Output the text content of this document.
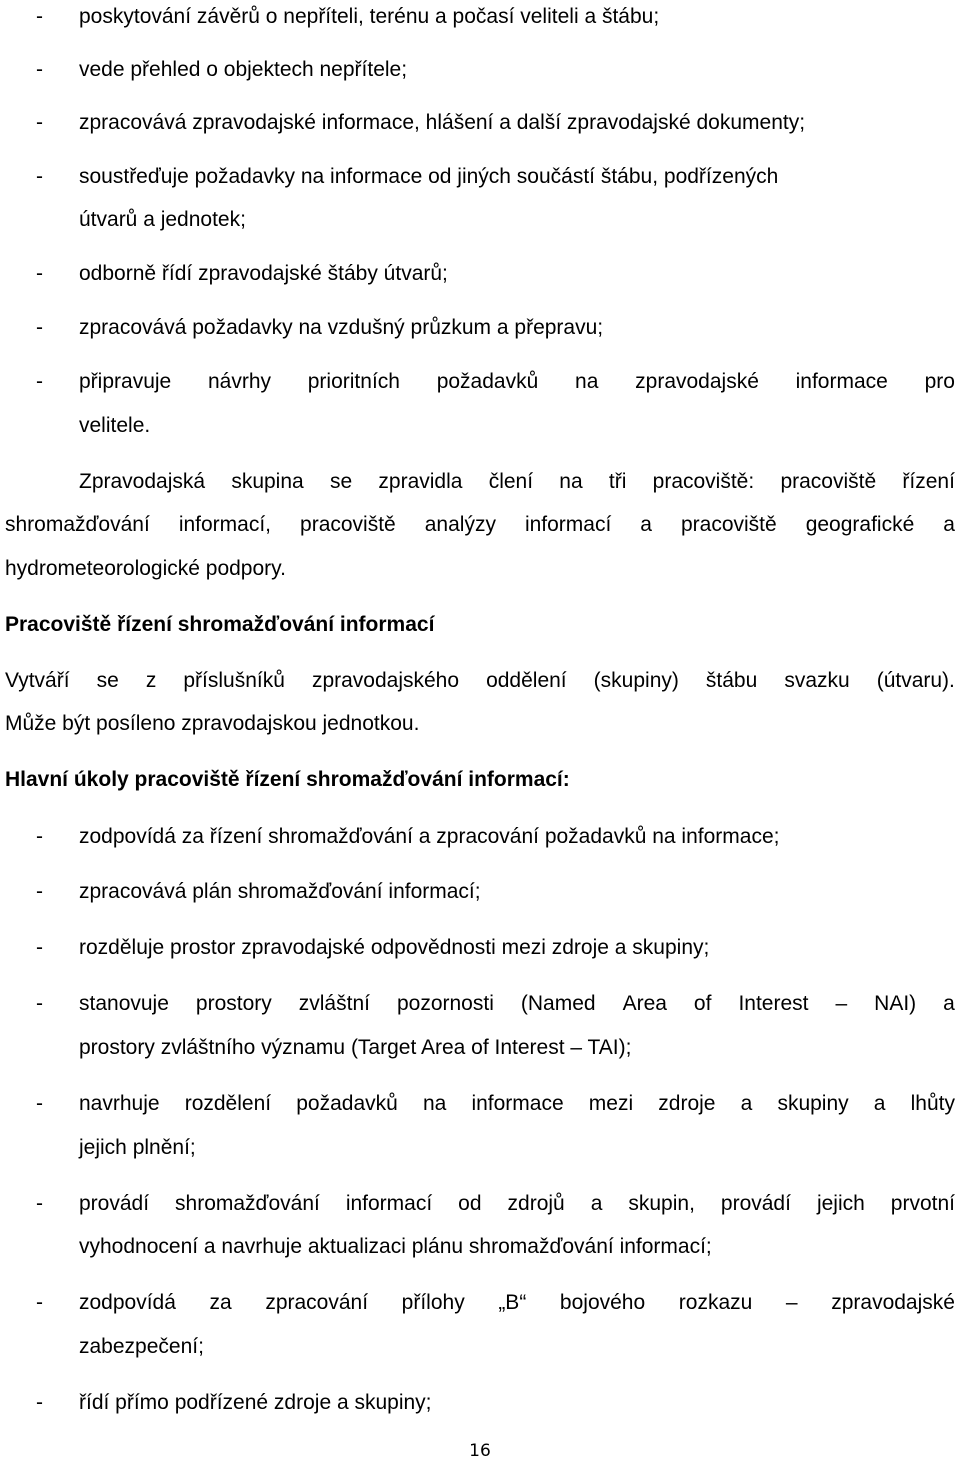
- poskytování závěrů o nepříteli, terénu a počasí veliteli a štábu;
- vede přehled o objektech nepřítele;
- zpracovává zpravodajské informace, hlášení a další zpravodajské dokumenty;
- soustřeďuje požadavky na informace od jiných součástí štábu, podřízených
útvarů a jednotek;
- odborně řídí zpravodajské štáby útvarů;
- zpracovává požadavky na vzdušný průzkum a přepravu;
- připravuje návrhy prioritních požadavků na zpravodajské informace pro
velitele.
Zpravodajská skupina se zpravidla člení na tři pracoviště: pracoviště řízení
shromažďování informací, pracoviště analýzy informací a pracoviště geografické a
hydrometeorologické podpory.
Pracoviště řízení shromažďování informací
Vytváří se z příslušníků zpravodajského oddělení (skupiny) štábu svazku (útvaru).
Může být posíleno zpravodajskou jednotkou.
Hlavní úkoly pracoviště řízení shromažďování informací:
- zodpovídá za řízení shromažďování a zpracování požadavků na informace;
- zpracovává plán shromažďování informací;
- rozděluje prostor zpravodajské odpovědnosti mezi zdroje a skupiny;
- stanovuje prostory zvláštní pozornosti (Named Area of Interest – NAI) a
prostory zvláštního významu (Target Area of Interest – TAI);
- navrhuje rozdělení požadavků na informace mezi zdroje a skupiny a lhůty
jejich plnění;
- provádí shromažďování informací od zdrojů a skupin, provádí jejich prvotní
vyhodnocení a navrhuje aktualizaci plánu shromažďování informací;
- zodpovídá za zpracování přílohy „B“ bojového rozkazu – zpravodajské
zabezpečení;
- řídí přímo podřízené zdroje a skupiny;
16
